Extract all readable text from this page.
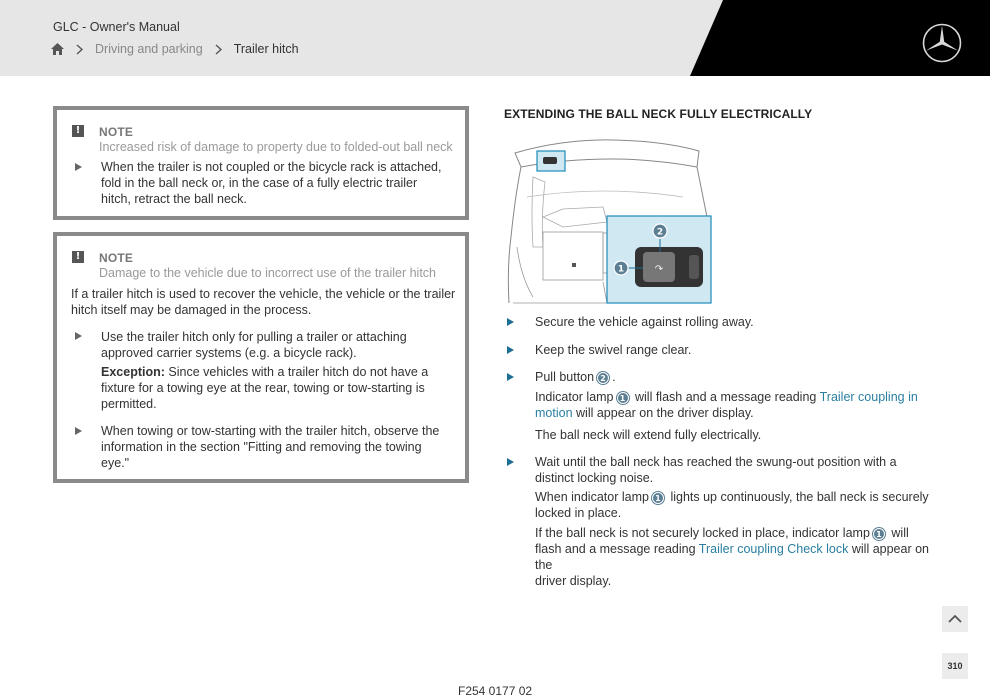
GLC - Owner's Manual
Driving and parking Trailer hitch
!	NOTE
Increased risk of damage to property due to folded-out ball neck
When the trailer is not coupled or the bicycle rack is attached,
fold in the ball neck or, in the case of a fully electric trailer
hitch, retract the ball neck.
!	NOTE
Damage to the vehicle due to incorrect use of the trailer hitch
If a trailer hitch is used to recover the vehicle, the vehicle or the trailer
hitch itself may be damaged in the process.
Use the trailer hitch only for pulling a trailer or attaching
approved carrier systems (e.g. a bicycle rack).
Exception: Since vehicles with a trailer hitch do not have a
fixture for a towing eye at the rear, towing or tow-starting is
permitted.
When towing or tow-starting with the trailer hitch, observe the
information in the section "Fitting and removing the towing
eye."
EXTENDING THE BALL NECK FULLY ELECTRICALLY
↷
1
2
Secure the vehicle against rolling away.
Keep the swivel range clear.
Pull button 2 .
Indicator lamp 1 will flash and a message reading Trailer coupling in
motion will appear on the driver display.
The ball neck will extend fully electrically.
Wait until the ball neck has reached the swung-out position with a
distinct locking noise.
When indicator lamp 1 lights up continuously, the ball neck is securely
locked in place.
If the ball neck is not securely locked in place, indicator lamp 1 will
flash and a message reading Trailer coupling Check lock will appear on the
driver display.
F254 0177 02
310
